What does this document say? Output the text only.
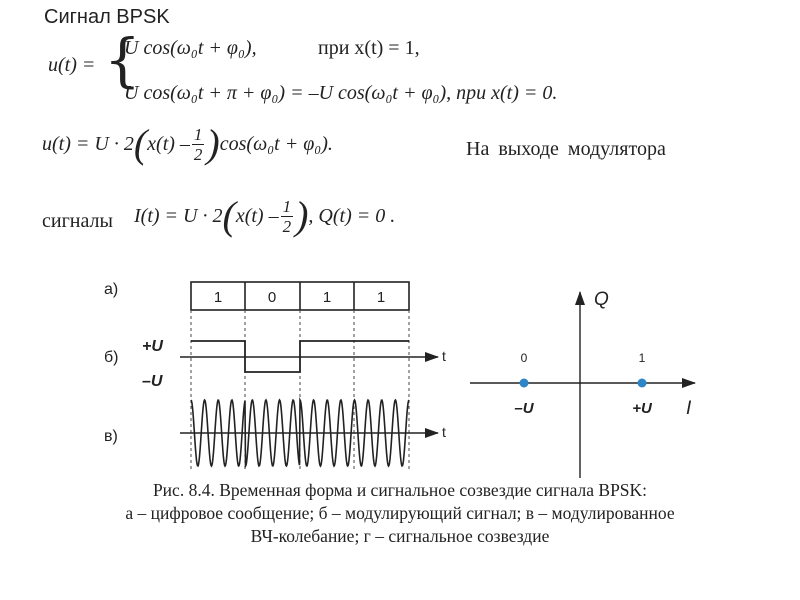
Сигнал BPSK
u(t) = {
U cos(ω₀t + φ₀),	при x(t) = 1,
U cos(ω₀t + π + φ₀) = –U cos(ω₀t + φ₀), при x(t) = 0.
u(t) = U · 2 ( $x(t) - \frac{1}{2}$ ) cos(ω₀t + φ₀).	На выходе модулятора
сигналы I(t) = U · 2 ( $x(t) - \frac{1}{2}$ ) , Q(t) = 0 .
а)
б)
в)
1	0	1	1
+U
–U
t
t
Q
I
0	1
–U	+U
Рис. 8.4. Временная форма и сигнальное созвездие сигнала BPSK:
а – цифровое сообщение; б – модулирующий сигнал; в – модулированное
ВЧ-колебание; г – сигнальное созвездие
